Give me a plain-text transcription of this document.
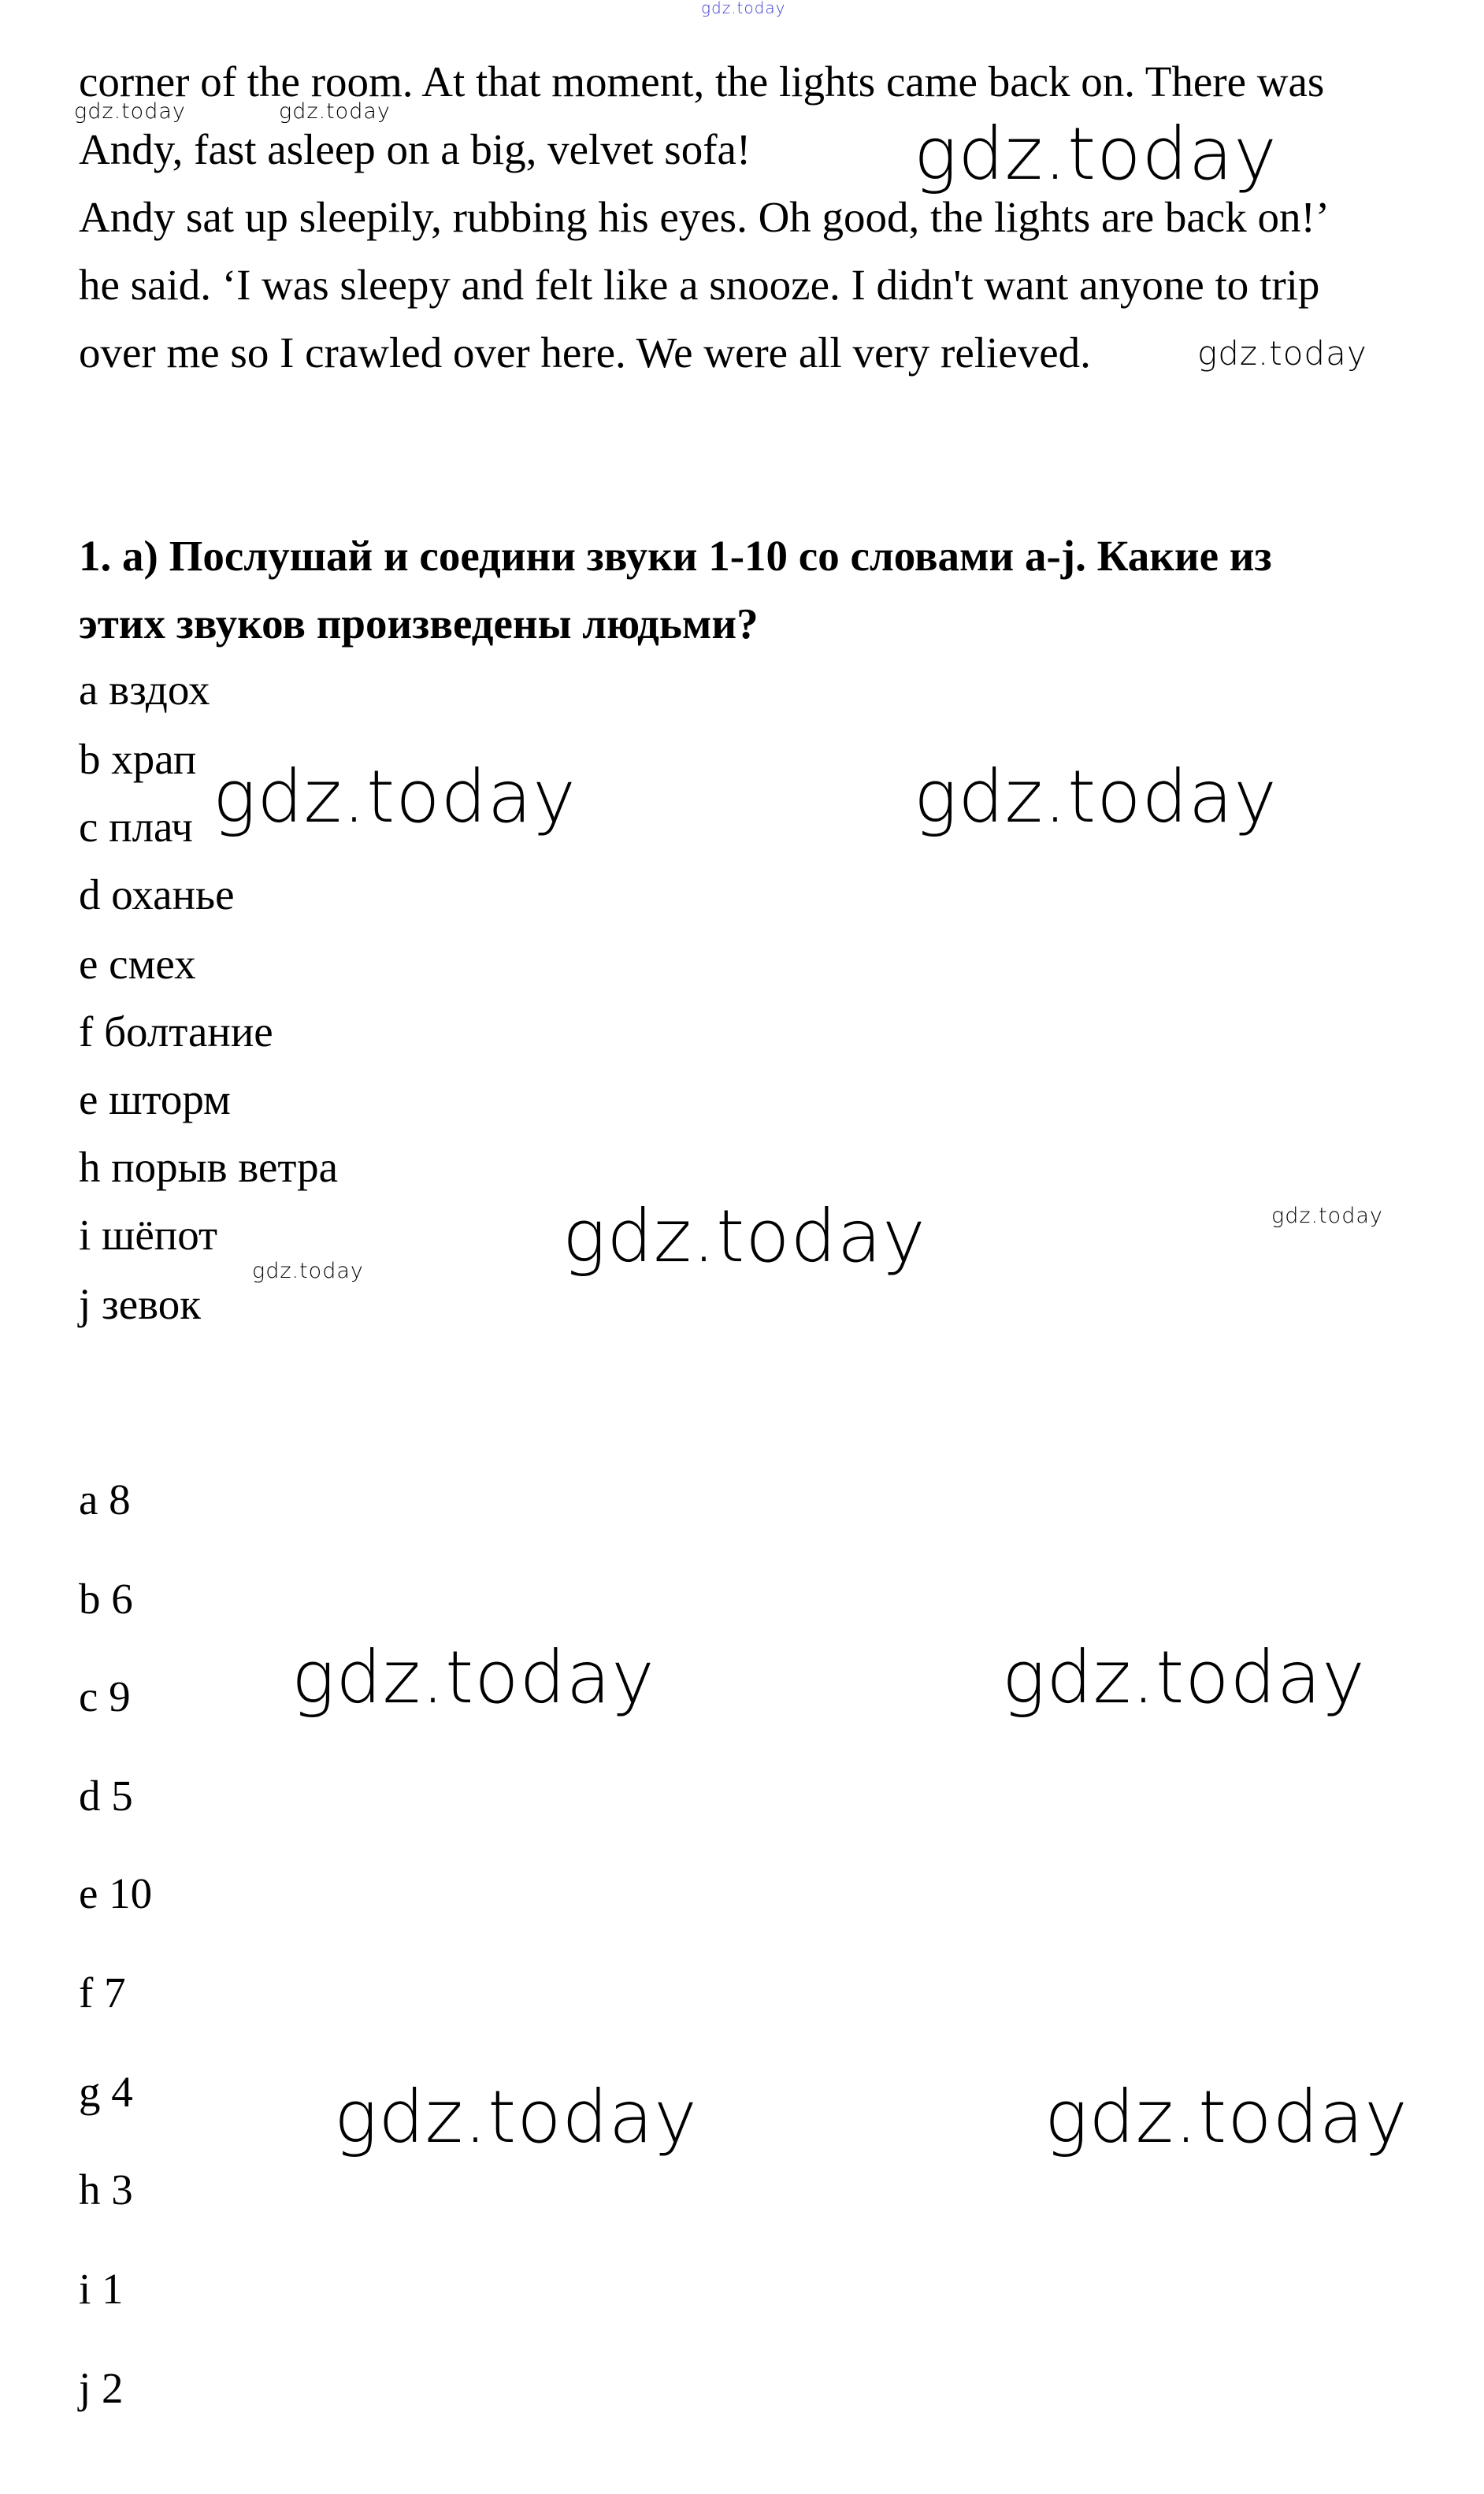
gdz.today
corner of the room. At that moment, the lights came back on. There was
Andy, fast asleep on a big, velvet sofa!
Andy sat up sleepily, rubbing his eyes. Oh good, the lights are back on!’
he said. ‘I was sleepy and felt like a snooze. I didn't want anyone to trip
over me so I crawled over here. We were all very relieved.
1. а) Послушай и соедини звуки 1-10 со словами a-j. Какие из
этих звуков произведены людьми?
a вздох
b храп
c плач
d оханье
e смех
f болтание
e шторм
h порыв ветра
i шёпот
j зевок
a 8
b 6
c 9
d 5
e 10
f 7
g 4
h 3
i 1
j 2
gdz.today	gdz.today
gdz.today
gdz.today
gdz.today	gdz.today
gdz.today
gdz.today
gdz.today
gdz.today	gdz.today
gdz.today	gdz.today
